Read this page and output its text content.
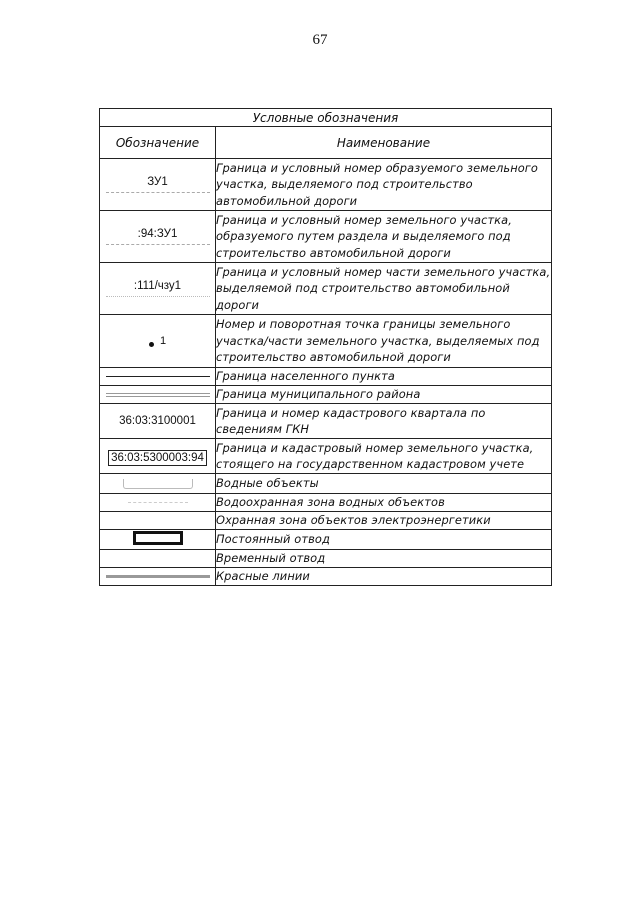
67
Условные обозначения	
Обозначение	Наименование

ЗУ1	Граница и условный номер образуемого земельного участка, выделяемого под строительство автомобильной дороги

:94:ЗУ1	Граница и условный номер земельного участка, образуемого путем раздела и выделяемого под строительство автомобильной дороги

:111/чзу1	Граница и условный номер части земельного участка, выделяемой под строительство автомобильной дороги

1	Номер и поворотная точка границы земельного участка/части земельного участка, выделяемых под строительство автомобильной дороги

	Граница населенного пункта

	Граница муниципального района

36:03:3100001	Граница и номер кадастрового квартала по сведениям ГКН
36:03:5300003:94	Граница и кадастровый номер земельного участка, стоящего на государственном кадастровом учете
	Водные объекты

	Водоохранная зона водных объектов
	Охранная зона объектов электроэнергетики
	Постоянный отвод
	Временный отвод

	Красные линии
